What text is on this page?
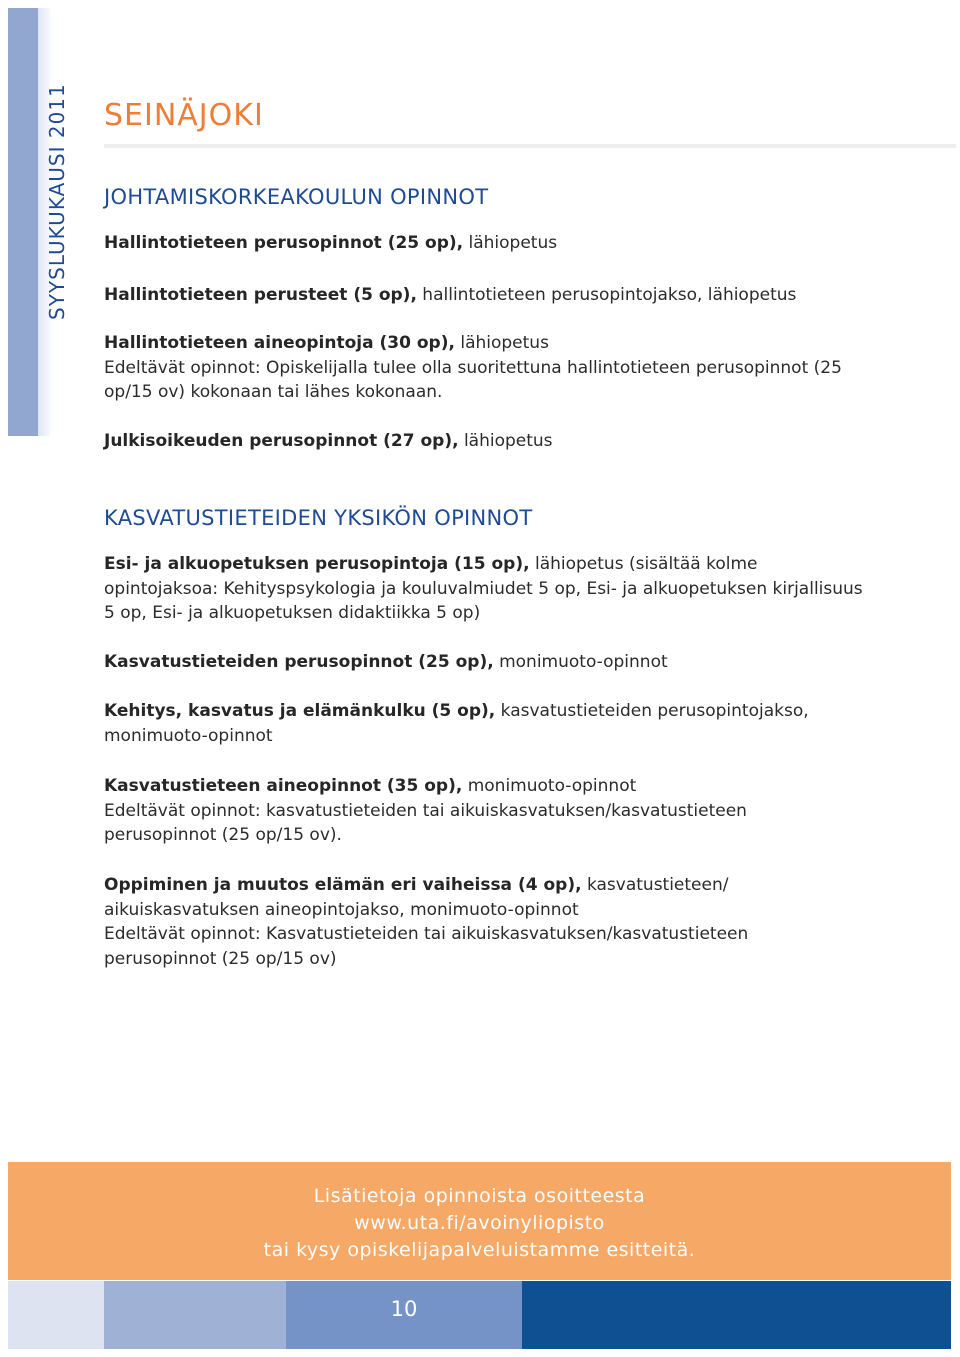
SYYSLUKUKAUSI 2011 SEINÄJOKI
JOHTAMISKORKEAKOULUN OPINNOT

Hallintotieteen perusopinnot (25 op), lähiopetus

Hallintotieteen perusteet (5 op), hallintotieteen perusopintojakso, lähiopetus

Hallintotieteen aineopintoja (30 op), lähiopetus

Edeltävät opinnot: Opiskelijalla tulee olla suoritettuna hallintotieteen perusopinnot (25 op/15 ov) kokonaan tai lähes kokonaan.

Julkisoikeuden perusopinnot (27 op), lähiopetus

KASVATUSTIETEIDEN YKSIKÖN OPINNOT

Esi- ja alkuopetuksen perusopintoja (15 op), lähiopetus (sisältää kolme opintojaksoa: Kehityspsykologia ja kouluvalmiudet 5 op, Esi- ja alkuopetuksen kirjallisuus 5 op, Esi- ja alkuopetuksen didaktiikka 5 op)

Kasvatustieteiden perusopinnot (25 op), monimuoto-opinnot

Kehitys, kasvatus ja elämänkulku (5 op), kasvatustieteiden perusopintojakso, monimuoto-opinnot

Kasvatustieteen aineopinnot (35 op), monimuoto-opinnot

Edeltävät opinnot: kasvatustieteiden tai aikuiskasvatuksen/kasvatustieteen perusopinnot (25 op/15 ov).

Oppiminen ja muutos elämän eri vaiheissa (4 op), kasvatustieteen/ aikuiskasvatuksen aineopintojakso, monimuoto-opinnot

Edeltävät opinnot: Kasvatustieteiden tai aikuiskasvatuksen/kasvatustieteen perusopinnot (25 op/15 ov)

Lisätietoja opinnoista osoitteesta
www.uta.fi/avoinyliopisto
tai kysy opiskelijapalveluistamme esitteitä.
10
